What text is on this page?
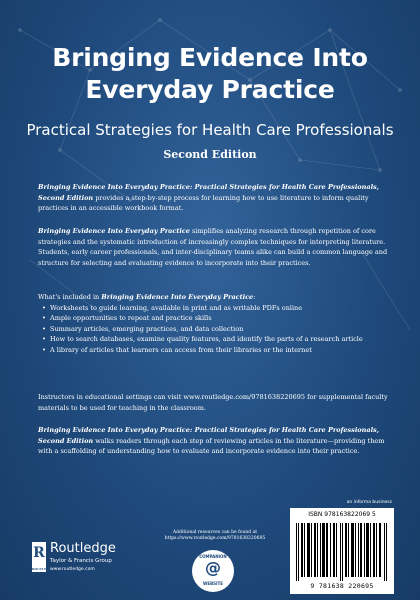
Bringing Evidence Into
Everyday Practice
Practical Strategies for Health Care Professionals
Second Edition

Bringing Evidence Into Everyday Practice: Practical Strategies for Health Care Professionals, Second Edition provides a step-by-step process for learning how to use literature to inform quality practices in an accessible workbook format.

Bringing Evidence Into Everyday Practice simplifies analyzing research through repetition of core strategies and the systematic introduction of increasingly complex techniques for interpreting literature. Students, early career professionals, and inter-disciplinary teams alike can build a common language and structure for selecting and evaluating evidence to incorporate into their practices.

What's included in Bringing Evidence Into Everyday Practice:

• Worksheets to guide learning, available in print and as writable PDFs online
• Ample opportunities to repeat and practice skills
• Summary articles, emerging practices, and data collection
• How to search databases, examine quality features, and identify the parts of a research article
• A library of articles that learners can access from their libraries or the internet

Instructors in educational settings can visit www.routledge.com/9781638220695 for supplemental faculty materials to be used for teaching in the classroom.

Bringing Evidence Into Everyday Practice: Practical Strategies for Health Care Professionals, Second Edition walks readers through each step of reviewing articles in the literature—providing them with a scaffolding of understanding how to evaluate and incorporate evidence into their practice.

an informa business
R
ROUTLEDGE
Routledge
Taylor & Francis Group
www.routledge.com
Additional resources can be found at
https://www.routledge.com/9781638220695
COMPANION
@
WEBSITE
ISBN 978163822069 5
9 781638 220695
